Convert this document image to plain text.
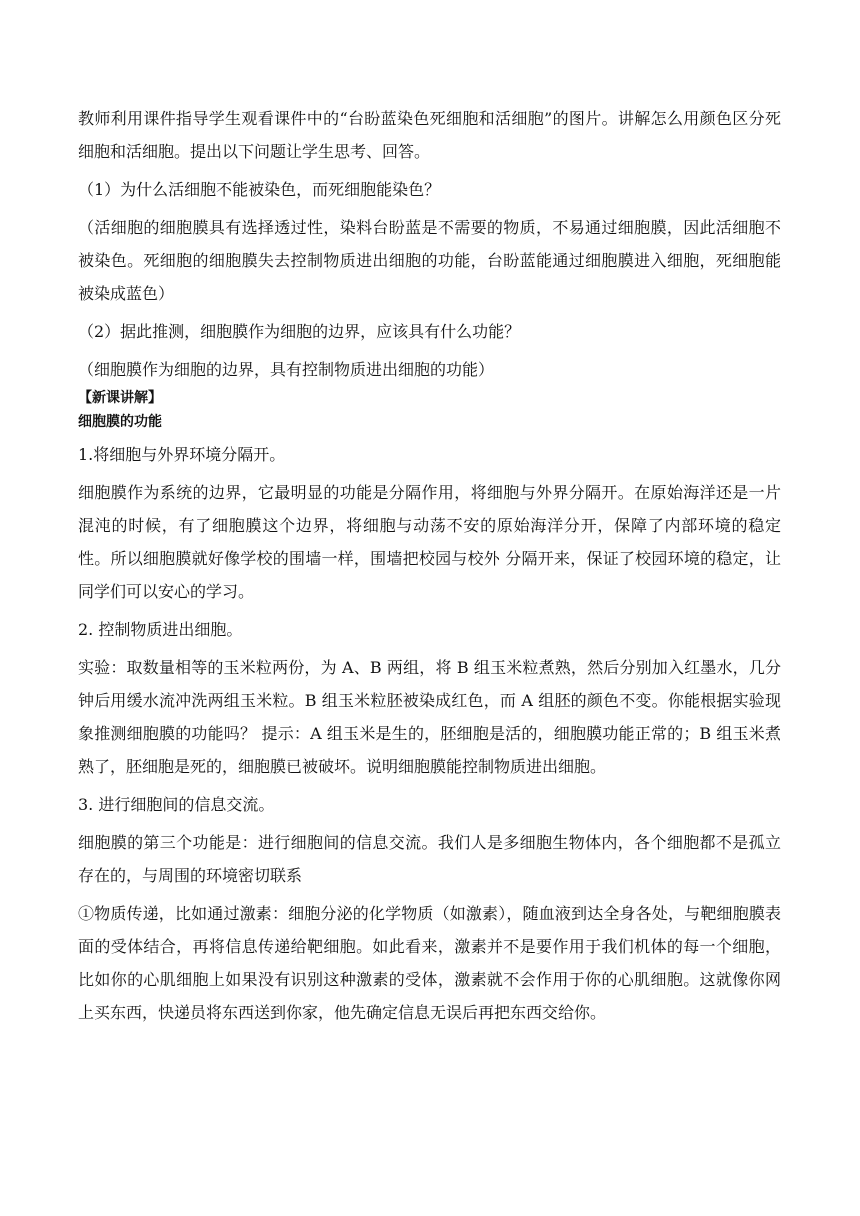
教师利用课件指导学生观看课件中的“台盼蓝染色死细胞和活细胞”的图片。讲解怎么用颜色区分死细胞和活细胞。提出以下问题让学生思考、回答。

（1）为什么活细胞不能被染色，而死细胞能染色？

（活细胞的细胞膜具有选择透过性，染料台盼蓝是不需要的物质，不易通过细胞膜，因此活细胞不被染色。死细胞的细胞膜失去控制物质进出细胞的功能，台盼蓝能通过细胞膜进入细胞，死细胞能被染成蓝色）

（2）据此推测，细胞膜作为细胞的边界，应该具有什么功能？

（细胞膜作为细胞的边界，具有控制物质进出细胞的功能）

【新课讲解】
细胞膜的功能

1.将细胞与外界环境分隔开。

细胞膜作为系统的边界，它最明显的功能是分隔作用，将细胞与外界分隔开。在原始海洋还是一片混沌的时候，有了细胞膜这个边界，将细胞与动荡不安的原始海洋分开，保障了内部环境的稳定性。所以细胞膜就好像学校的围墙一样，围墙把校园与校外 分隔开来，保证了校园环境的稳定，让同学们可以安心的学习。

2. 控制物质进出细胞。

实验：取数量相等的玉米粒两份，为 A、B 两组，将 B 组玉米粒煮熟，然后分别加入红墨水，几分钟后用缓水流冲洗两组玉米粒。B 组玉米粒胚被染成红色，而 A 组胚的颜色不变。你能根据实验现象推测细胞膜的功能吗？ 提示：A 组玉米是生的，胚细胞是活的，细胞膜功能正常的；B 组玉米煮熟了，胚细胞是死的，细胞膜已被破坏。说明细胞膜能控制物质进出细胞。

3. 进行细胞间的信息交流。

细胞膜的第三个功能是：进行细胞间的信息交流。我们人是多细胞生物体内，各个细胞都不是孤立存在的，与周围的环境密切联系

①物质传递，比如通过激素：细胞分泌的化学物质（如激素），随血液到达全身各处，与靶细胞膜表面的受体结合，再将信息传递给靶细胞。如此看来，激素并不是要作用于我们机体的每一个细胞，比如你的心肌细胞上如果没有识别这种激素的受体，激素就不会作用于你的心肌细胞。这就像你网上买东西，快递员将东西送到你家，他先确定信息无误后再把东西交给你。
